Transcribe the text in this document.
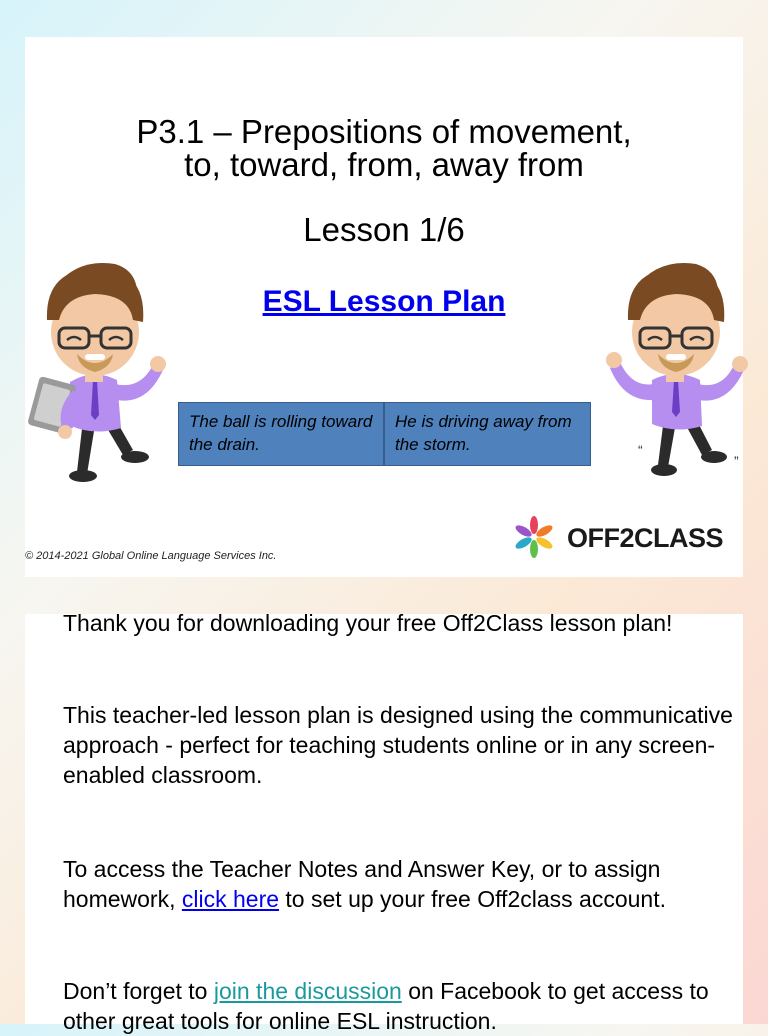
P3.1 – Prepositions of movement,
to, toward, from, away from
Lesson 1/6
ESL Lesson Plan
The ball is rolling toward the drain.
He is driving away from the storm.	“
”
OFF2CLASS
© 2014-2021 Global Online Language Services Inc.
Thank you for downloading your free Off2Class lesson plan!
This teacher-led lesson plan is designed using the communicative approach - perfect for teaching students online or in any screen-enabled classroom.
To access the Teacher Notes and Answer Key, or to assign homework, click here to set up your free Off2class account.
Don’t forget to join the discussion on Facebook to get access to other great tools for online ESL instruction.
